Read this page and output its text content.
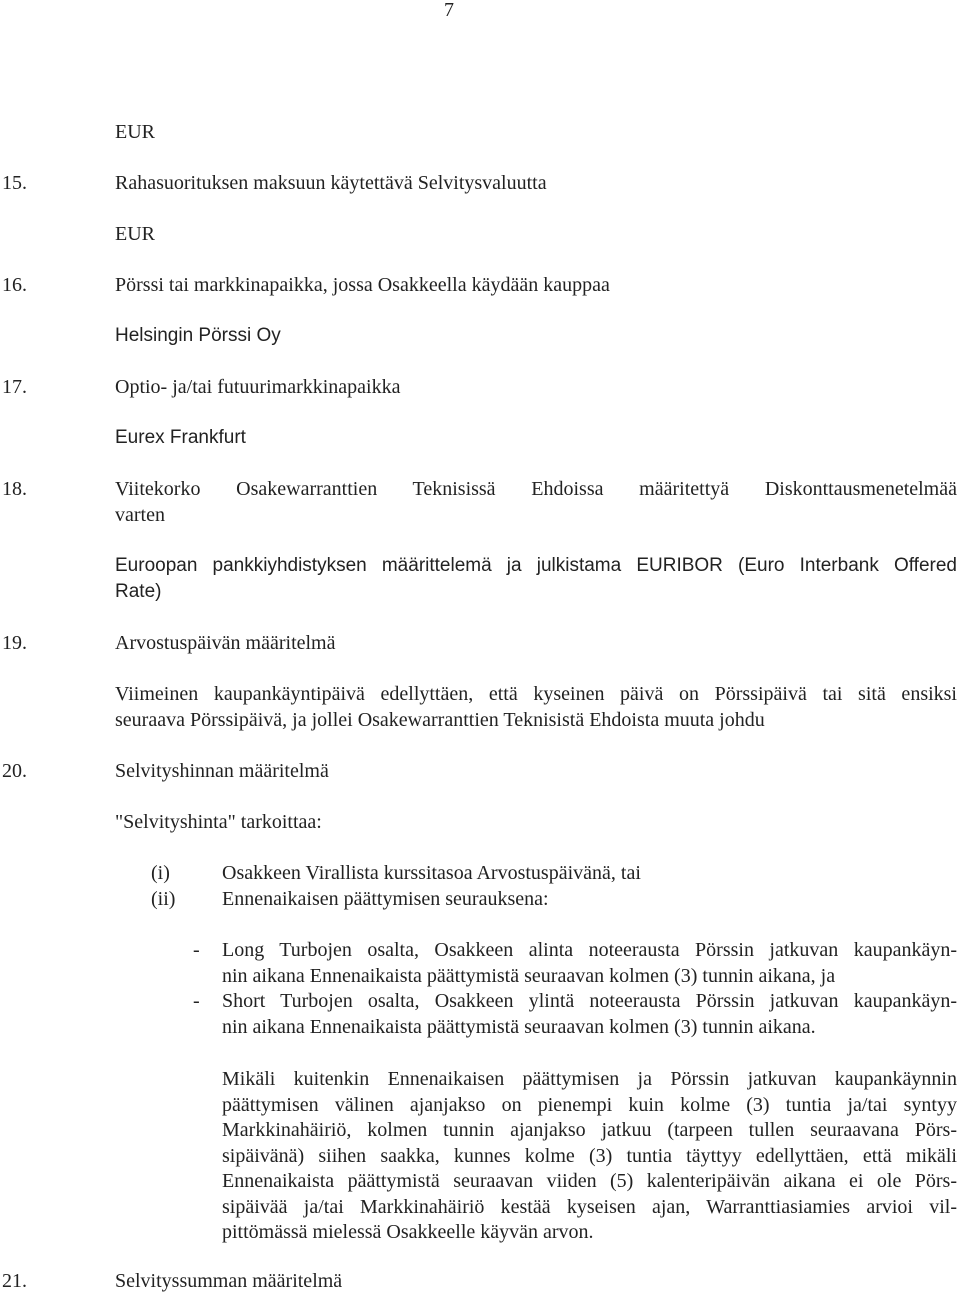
7
EUR
15.	Rahasuorituksen maksuun käytettävä Selvitysvaluutta
EUR
16.	Pörssi tai markkinapaikka, jossa Osakkeella käydään kauppaa
Helsingin Pörssi Oy
17.	Optio- ja/tai futuurimarkkinapaikka
Eurex Frankfurt
18.	Viitekorko Osakewarranttien Teknisissä Ehdoissa määritettyä Diskonttausmenetelmää
varten
Euroopan pankkiyhdistyksen määrittelemä ja julkistama EURIBOR (Euro Interbank Offered
Rate)
19.	Arvostuspäivän määritelmä
Viimeinen kaupankäyntipäivä edellyttäen, että kyseinen päivä on Pörssipäivä tai sitä ensiksi
seuraava Pörssipäivä, ja jollei Osakewarranttien Teknisistä Ehdoista muuta johdu
20.	Selvityshinnan määritelmä
"Selvityshinta" tarkoittaa:
(i)	Osakkeen Virallista kurssitasoa Arvostuspäivänä, tai
(ii) Ennenaikaisen päättymisen seurauksena:
- Long Turbojen osalta, Osakkeen alinta noteerausta Pörssin jatkuvan kaupankäyn-
nin aikana Ennenaikaista päättymistä seuraavan kolmen (3) tunnin aikana, ja
- Short Turbojen osalta, Osakkeen ylintä noteerausta Pörssin jatkuvan kaupankäyn-
nin aikana Ennenaikaista päättymistä seuraavan kolmen (3) tunnin aikana.
Mikäli kuitenkin Ennenaikaisen päättymisen ja Pörssin jatkuvan kaupankäynnin
päättymisen välinen ajanjakso on pienempi kuin kolme (3) tuntia ja/tai syntyy
Markkinahäiriö, kolmen tunnin ajanjakso jatkuu (tarpeen tullen seuraavana Pörs-
sipäivänä) siihen saakka, kunnes kolme (3) tuntia täyttyy edellyttäen, että mikäli
Ennenaikaista päättymistä seuraavan viiden (5) kalenteripäivän aikana ei ole Pörs-
sipäivää ja/tai Markkinahäiriö kestää kyseisen ajan, Warranttiasiamies arvioi vil-
pittömässä mielessä Osakkeelle käyvän arvon.
21.	Selvityssumman määritelmä
